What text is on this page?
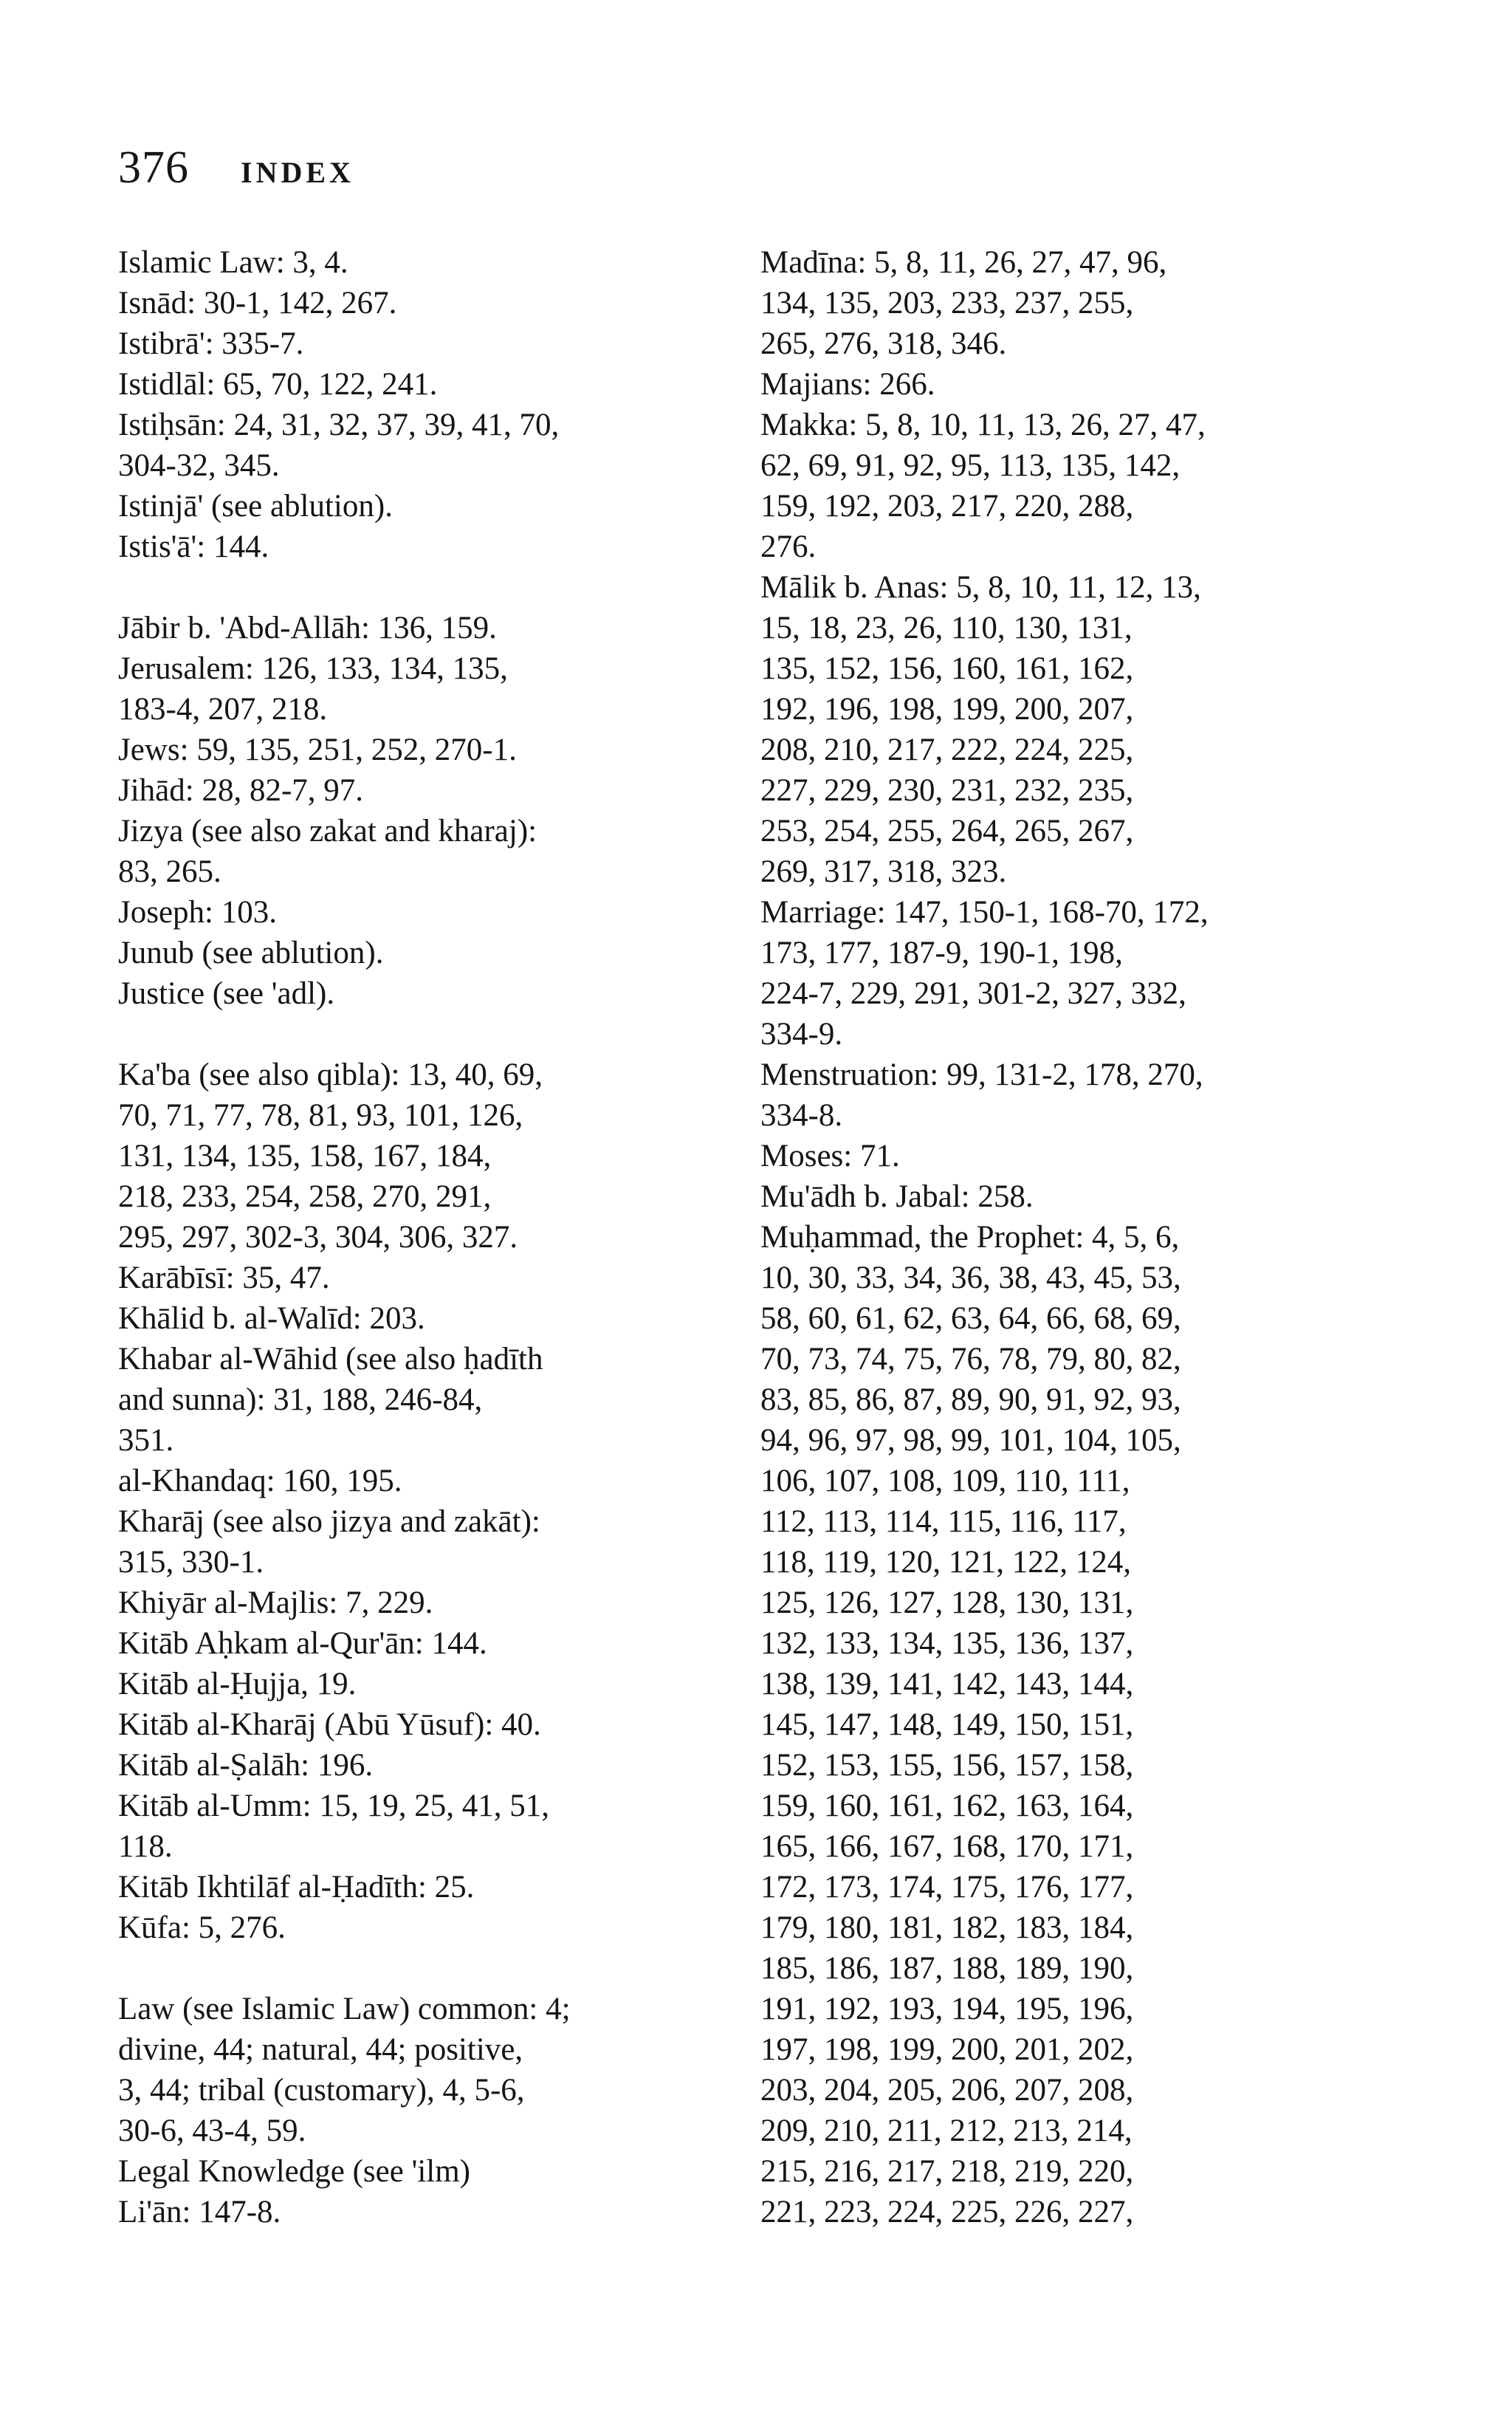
376 INDEX
Islamic Law: 3, 4.
Isnād: 30-1, 142, 267.
Istibrā': 335-7.
Istidlāl: 65, 70, 122, 241.
Istiḥsān: 24, 31, 32, 37, 39, 41, 70,
304-32, 345.
Istinjā' (see ablution).
Istis'ā': 144.
Jābir b. 'Abd-Allāh: 136, 159.
Jerusalem: 126, 133, 134, 135,
183-4, 207, 218.
Jews: 59, 135, 251, 252, 270-1.
Jihād: 28, 82-7, 97.
Jizya (see also zakat and kharaj):
83, 265.
Joseph: 103.
Junub (see ablution).
Justice (see 'adl).
Ka'ba (see also qibla): 13, 40, 69,
70, 71, 77, 78, 81, 93, 101, 126,
131, 134, 135, 158, 167, 184,
218, 233, 254, 258, 270, 291,
295, 297, 302-3, 304, 306, 327.
Karābīsī: 35, 47.
Khālid b. al-Walīd: 203.
Khabar al-Wāhid (see also ḥadīth
and sunna): 31, 188, 246-84,
351.
al-Khandaq: 160, 195.
Kharāj (see also jizya and zakāt):
315, 330-1.
Khiyār al-Majlis: 7, 229.
Kitāb Aḥkam al-Qur'ān: 144.
Kitāb al-Ḥujja, 19.
Kitāb al-Kharāj (Abū Yūsuf): 40.
Kitāb al-Ṣalāh: 196.
Kitāb al-Umm: 15, 19, 25, 41, 51,
118.
Kitāb Ikhtilāf al-Ḥadīth: 25.
Kūfa: 5, 276.
Law (see Islamic Law) common: 4;
divine, 44; natural, 44; positive,
3, 44; tribal (customary), 4, 5-6,
30-6, 43-4, 59.
Legal Knowledge (see 'ilm)
Li'ān: 147-8.
Madīna: 5, 8, 11, 26, 27, 47, 96,
134, 135, 203, 233, 237, 255,
265, 276, 318, 346.
Majians: 266.
Makka: 5, 8, 10, 11, 13, 26, 27, 47,
62, 69, 91, 92, 95, 113, 135, 142,
159, 192, 203, 217, 220, 288,
276.
Mālik b. Anas: 5, 8, 10, 11, 12, 13,
15, 18, 23, 26, 110, 130, 131,
135, 152, 156, 160, 161, 162,
192, 196, 198, 199, 200, 207,
208, 210, 217, 222, 224, 225,
227, 229, 230, 231, 232, 235,
253, 254, 255, 264, 265, 267,
269, 317, 318, 323.
Marriage: 147, 150-1, 168-70, 172,
173, 177, 187-9, 190-1, 198,
224-7, 229, 291, 301-2, 327, 332,
334-9.
Menstruation: 99, 131-2, 178, 270,
334-8.
Moses: 71.
Mu'ādh b. Jabal: 258.
Muḥammad, the Prophet: 4, 5, 6,
10, 30, 33, 34, 36, 38, 43, 45, 53,
58, 60, 61, 62, 63, 64, 66, 68, 69,
70, 73, 74, 75, 76, 78, 79, 80, 82,
83, 85, 86, 87, 89, 90, 91, 92, 93,
94, 96, 97, 98, 99, 101, 104, 105,
106, 107, 108, 109, 110, 111,
112, 113, 114, 115, 116, 117,
118, 119, 120, 121, 122, 124,
125, 126, 127, 128, 130, 131,
132, 133, 134, 135, 136, 137,
138, 139, 141, 142, 143, 144,
145, 147, 148, 149, 150, 151,
152, 153, 155, 156, 157, 158,
159, 160, 161, 162, 163, 164,
165, 166, 167, 168, 170, 171,
172, 173, 174, 175, 176, 177,
179, 180, 181, 182, 183, 184,
185, 186, 187, 188, 189, 190,
191, 192, 193, 194, 195, 196,
197, 198, 199, 200, 201, 202,
203, 204, 205, 206, 207, 208,
209, 210, 211, 212, 213, 214,
215, 216, 217, 218, 219, 220,
221, 223, 224, 225, 226, 227,
